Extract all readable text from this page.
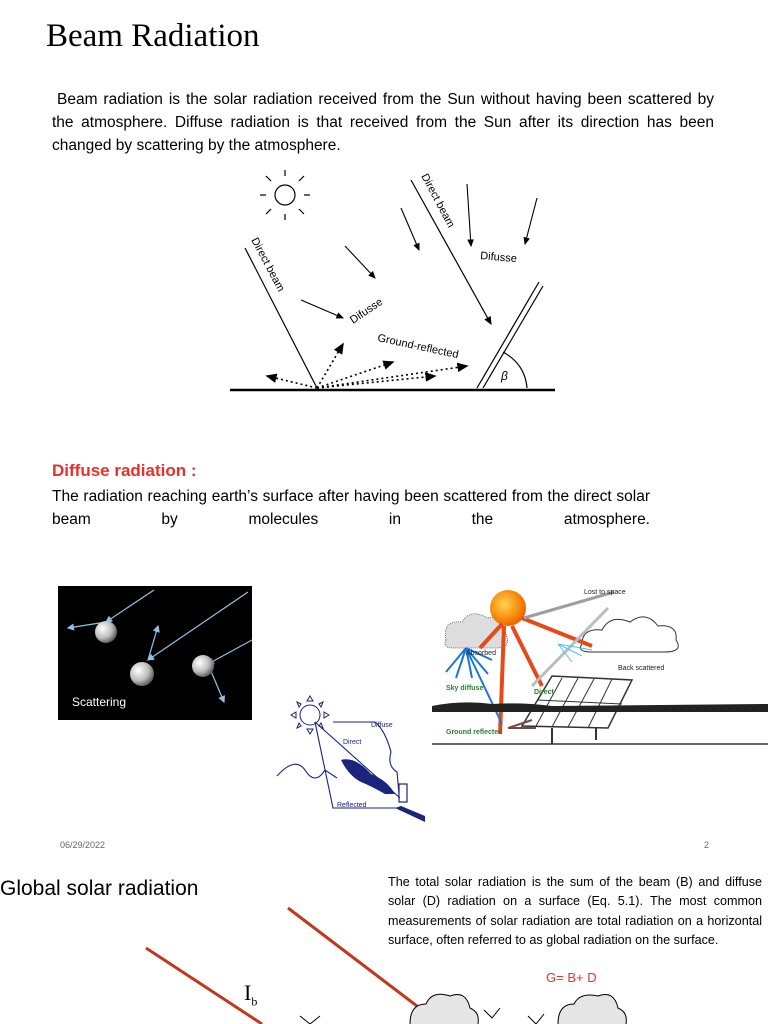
Beam Radiation
Beam radiation is the solar radiation received from the Sun without having been scattered by the atmosphere. Diffuse radiation is that received from the Sun after its direction has been changed by scattering by the atmosphere.
Direct beam
Direct beam
Difusse
Difusse
Ground-reflected
β
Diffuse radiation :
The radiation reaching earth’s surface after having been scattered from the direct solar beam by molecules in the atmosphere.
Scattering
Diffuse
Direct
Reflected
Lost to space
Absorbed
Back scattered
Sky diffuse
Direct
Ground reflected
06/29/2022	2
Global solar radiation	The total solar radiation is the sum of the beam (B) and diffuse solar (D) radiation on a surface (Eq. 5.1). The most common measurements of solar radiation are total radiation on a horizontal surface, often referred to as global radiation on the surface.
G= B+ D
$I_b$
